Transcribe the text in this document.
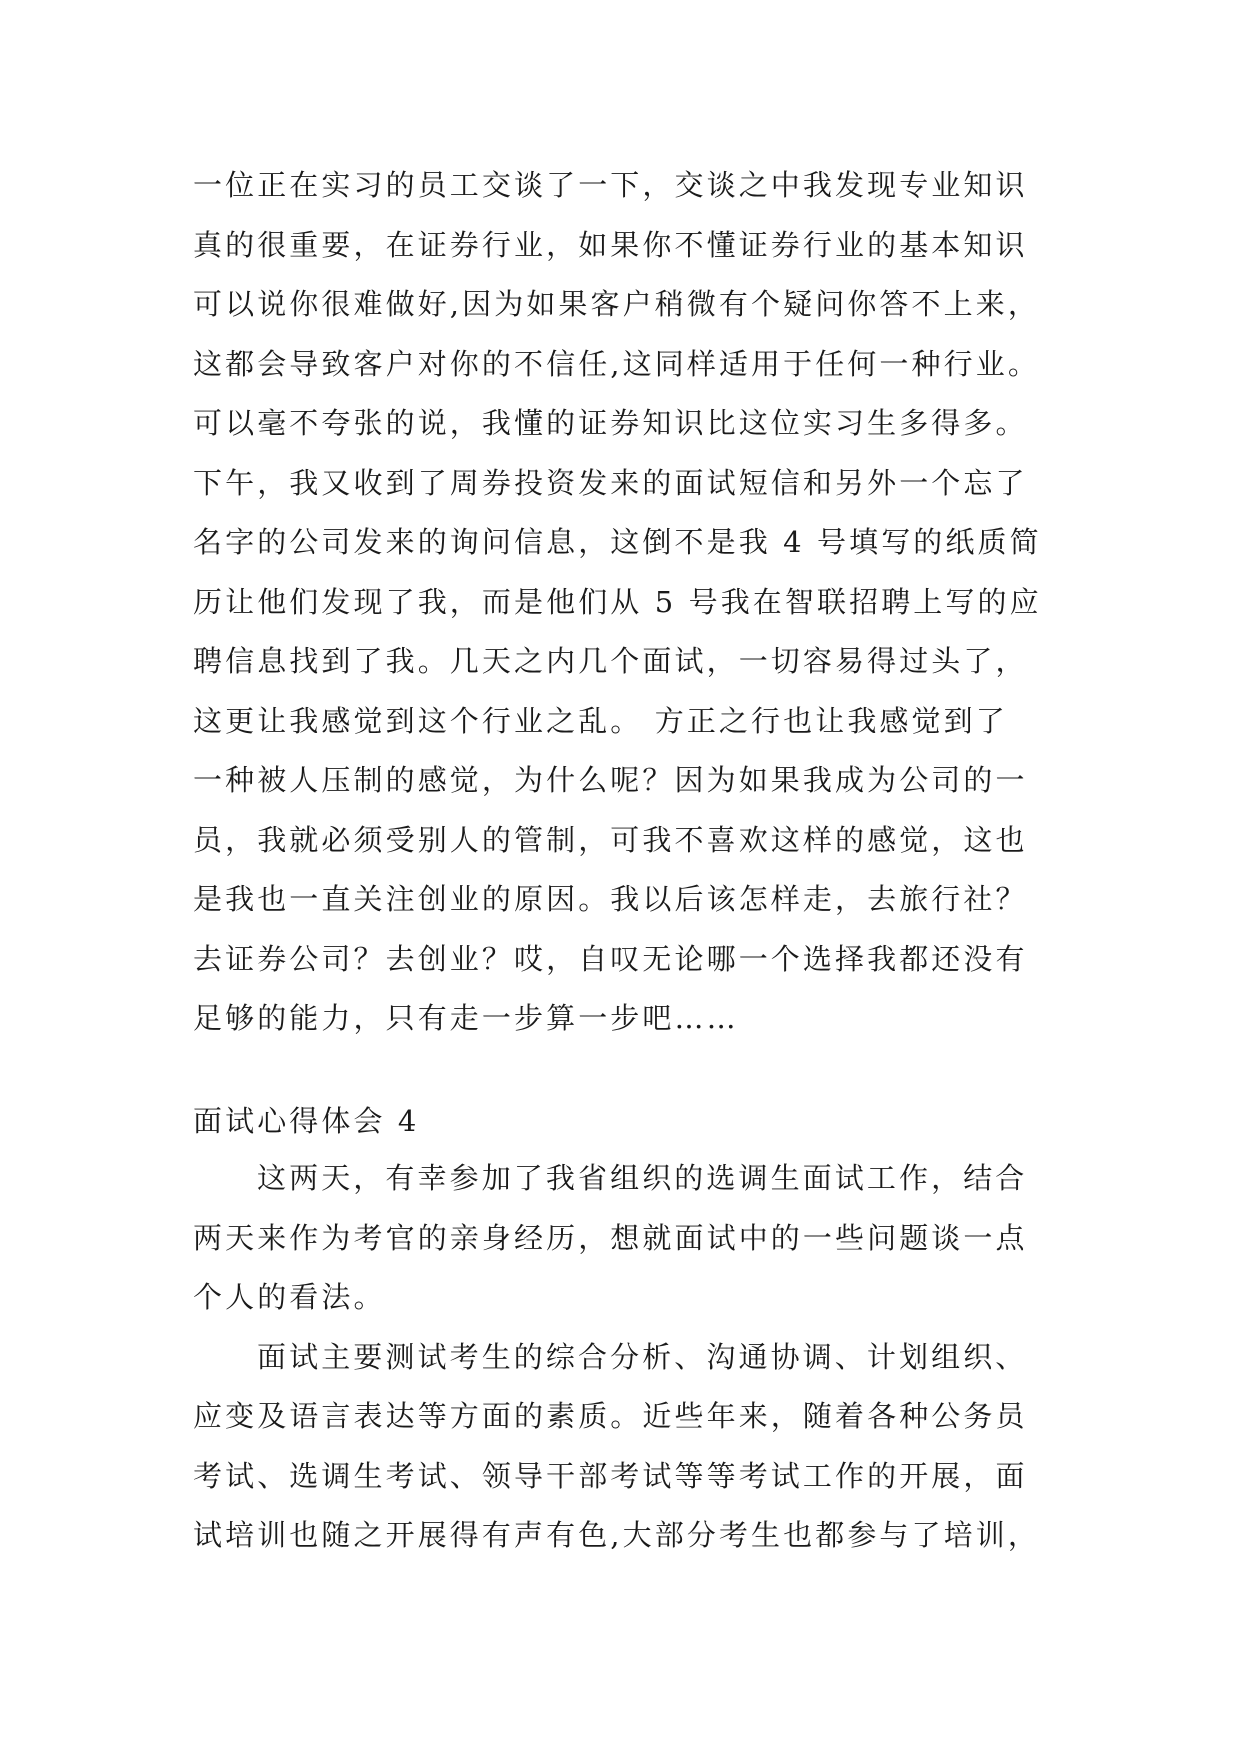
一位正在实习的员工交谈了一下，交谈之中我发现专业知识
真的很重要，在证券行业，如果你不懂证券行业的基本知识
可以说你很难做好,因为如果客户稍微有个疑问你答不上来，
这都会导致客户对你的不信任,这同样适用于任何一种行业。
可以毫不夸张的说，我懂的证券知识比这位实习生多得多。
下午，我又收到了周券投资发来的面试短信和另外一个忘了
名字的公司发来的询问信息，这倒不是我 4 号填写的纸质简
历让他们发现了我，而是他们从 5 号我在智联招聘上写的应
聘信息找到了我。几天之内几个面试，一切容易得过头了，
这更让我感觉到这个行业之乱。 方正之行也让我感觉到了
一种被人压制的感觉，为什么呢？因为如果我成为公司的一
员，我就必须受别人的管制，可我不喜欢这样的感觉，这也
是我也一直关注创业的原因。我以后该怎样走，去旅行社？
去证券公司？去创业？哎，自叹无论哪一个选择我都还没有
足够的能力，只有走一步算一步吧……
面试心得体会 4
这两天，有幸参加了我省组织的选调生面试工作，结合
两天来作为考官的亲身经历，想就面试中的一些问题谈一点
个人的看法。
面试主要测试考生的综合分析、沟通协调、计划组织、
应变及语言表达等方面的素质。近些年来，随着各种公务员
考试、选调生考试、领导干部考试等等考试工作的开展，面
试培训也随之开展得有声有色,大部分考生也都参与了培训，
